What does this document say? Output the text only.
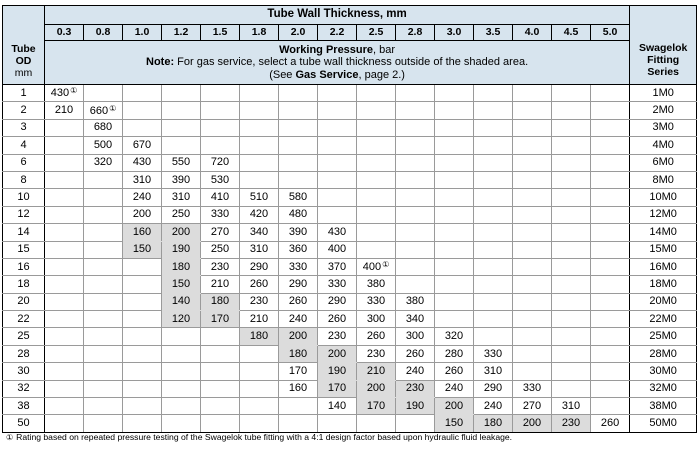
Tube
OD
mm	Tube Wall Thickness, mm															Swagelok
Fitting
Series
	0.3	0.8	1.0	1.2	1.5	1.8	2.0	2.2	2.5	2.8	3.0	3.5	4.0	4.5	5.0	
	Working Pressure, bar
Note: For gas service, select a tube wall thickness outside of the shaded area.
(See Gas Service, page 2.)															
1	430①															1M0
2	210	660①														2M0
3		680														3M0
4		500	670													4M0
6		320	430	550	720											6M0
8			310	390	530											8M0
10			240	310	410	510	580									10M0
12			200	250	330	420	480									12M0
14			160	200	270	340	390	430								14M0
15			150	190	250	310	360	400								15M0
16				180	230	290	330	370	400①							16M0
18				150	210	260	290	330	380							18M0
20				140	180	230	260	290	330	380						20M0
22				120	170	210	240	260	300	340						22M0
25						180	200	230	260	300	320					25M0
28							180	200	230	260	280	330				28M0
30							170	190	210	240	260	310				30M0
32							160	170	200	230	240	290	330			32M0
38								140	170	190	200	240	270	310		38M0
50											150	180	200	230	260	50M0
① Rating based on repeated pressure testing of the Swagelok tube fitting with a 4:1 design factor based upon hydraulic fluid leakage.
